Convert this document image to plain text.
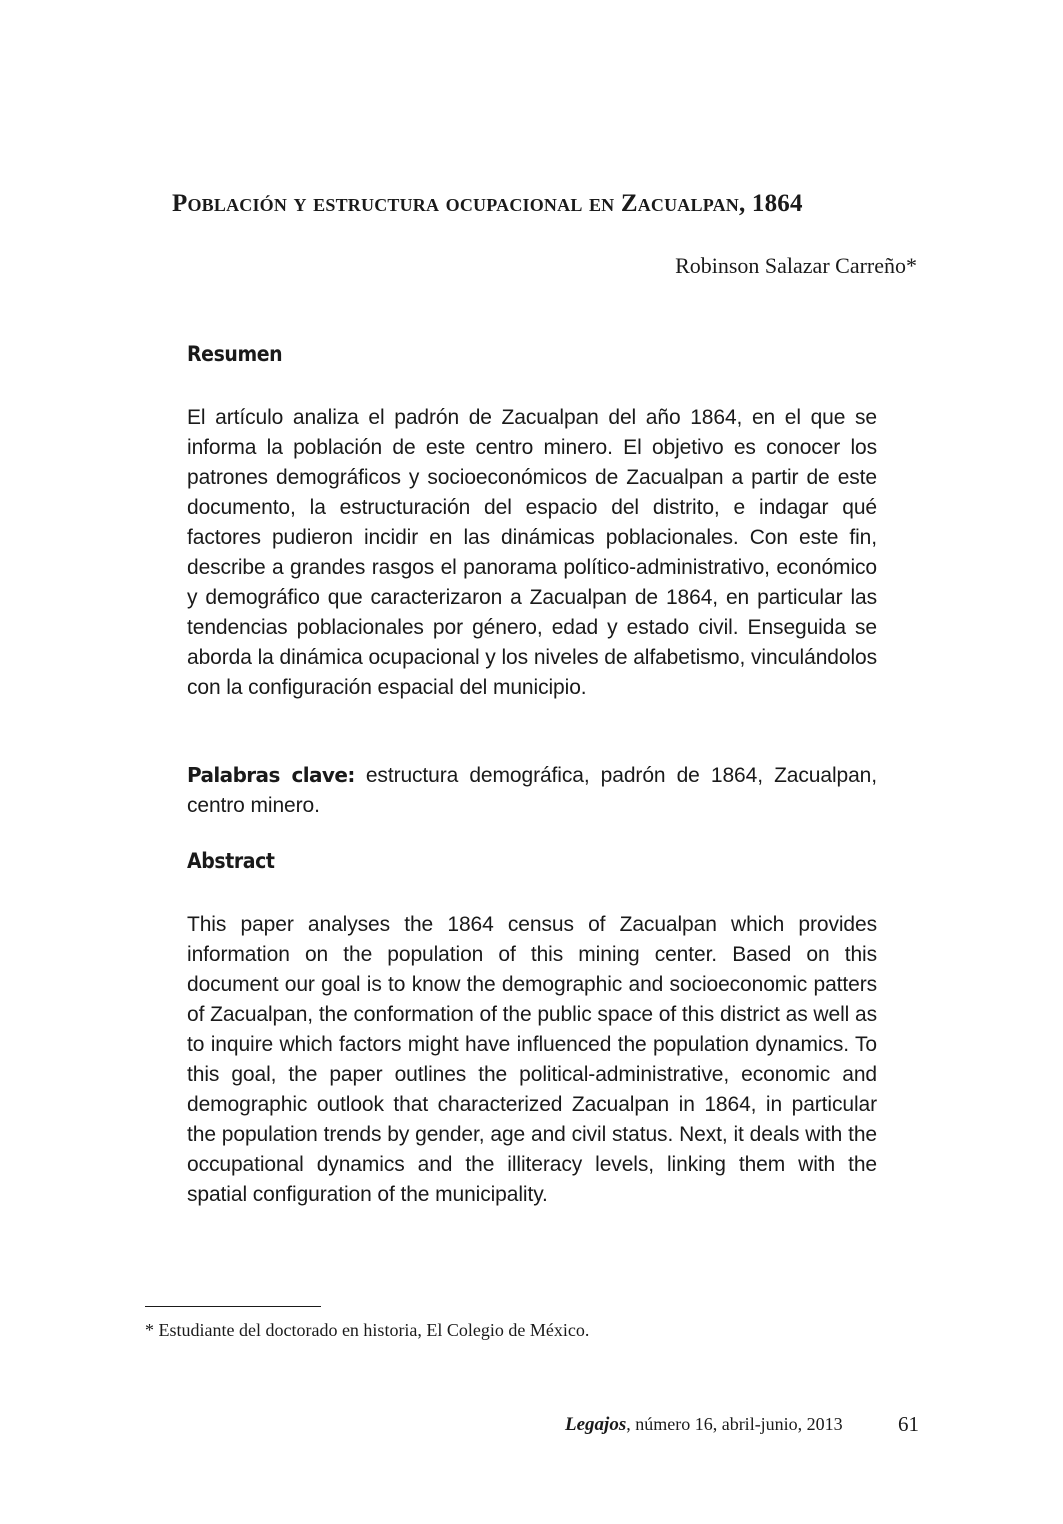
Población y estructura ocupacional en Zacualpan, 1864
Robinson Salazar Carreño*
Resumen
El artículo analiza el padrón de Zacualpan del año 1864, en el que se informa la población de este centro minero. El objetivo es conocer los patrones demográficos y socioeconómicos de Zacualpan a partir de este documento, la estructuración del espacio del distrito, e indagar qué factores pudieron incidir en las dinámicas poblacionales. Con este fin, describe a grandes rasgos el panorama político-administrativo, económico y demográfico que caracterizaron a Zacualpan de 1864, en particular las tendencias poblacionales por género, edad y estado civil. Enseguida se aborda la dinámica ocupacional y los niveles de alfabetismo, vinculándolos con la configuración espacial del municipio.
Palabras clave: estructura demográfica, padrón de 1864, Zacualpan, centro minero.
Abstract
This paper analyses the 1864 census of Zacualpan which provides information on the population of this mining center. Based on this document our goal is to know the demographic and socioeconomic patters of Zacualpan, the conformation of the public space of this district as well as to inquire which factors might have influenced the population dynamics. To this goal, the paper outlines the political-administrative, economic and demographic outlook that characterized Zacualpan in 1864, in particular the population trends by gender, age and civil status. Next, it deals with the occupational dynamics and the illiteracy levels, linking them with the spatial configuration of the municipality.
* Estudiante del doctorado en historia, El Colegio de México.
Legajos, número 16, abril-junio, 2013	61
